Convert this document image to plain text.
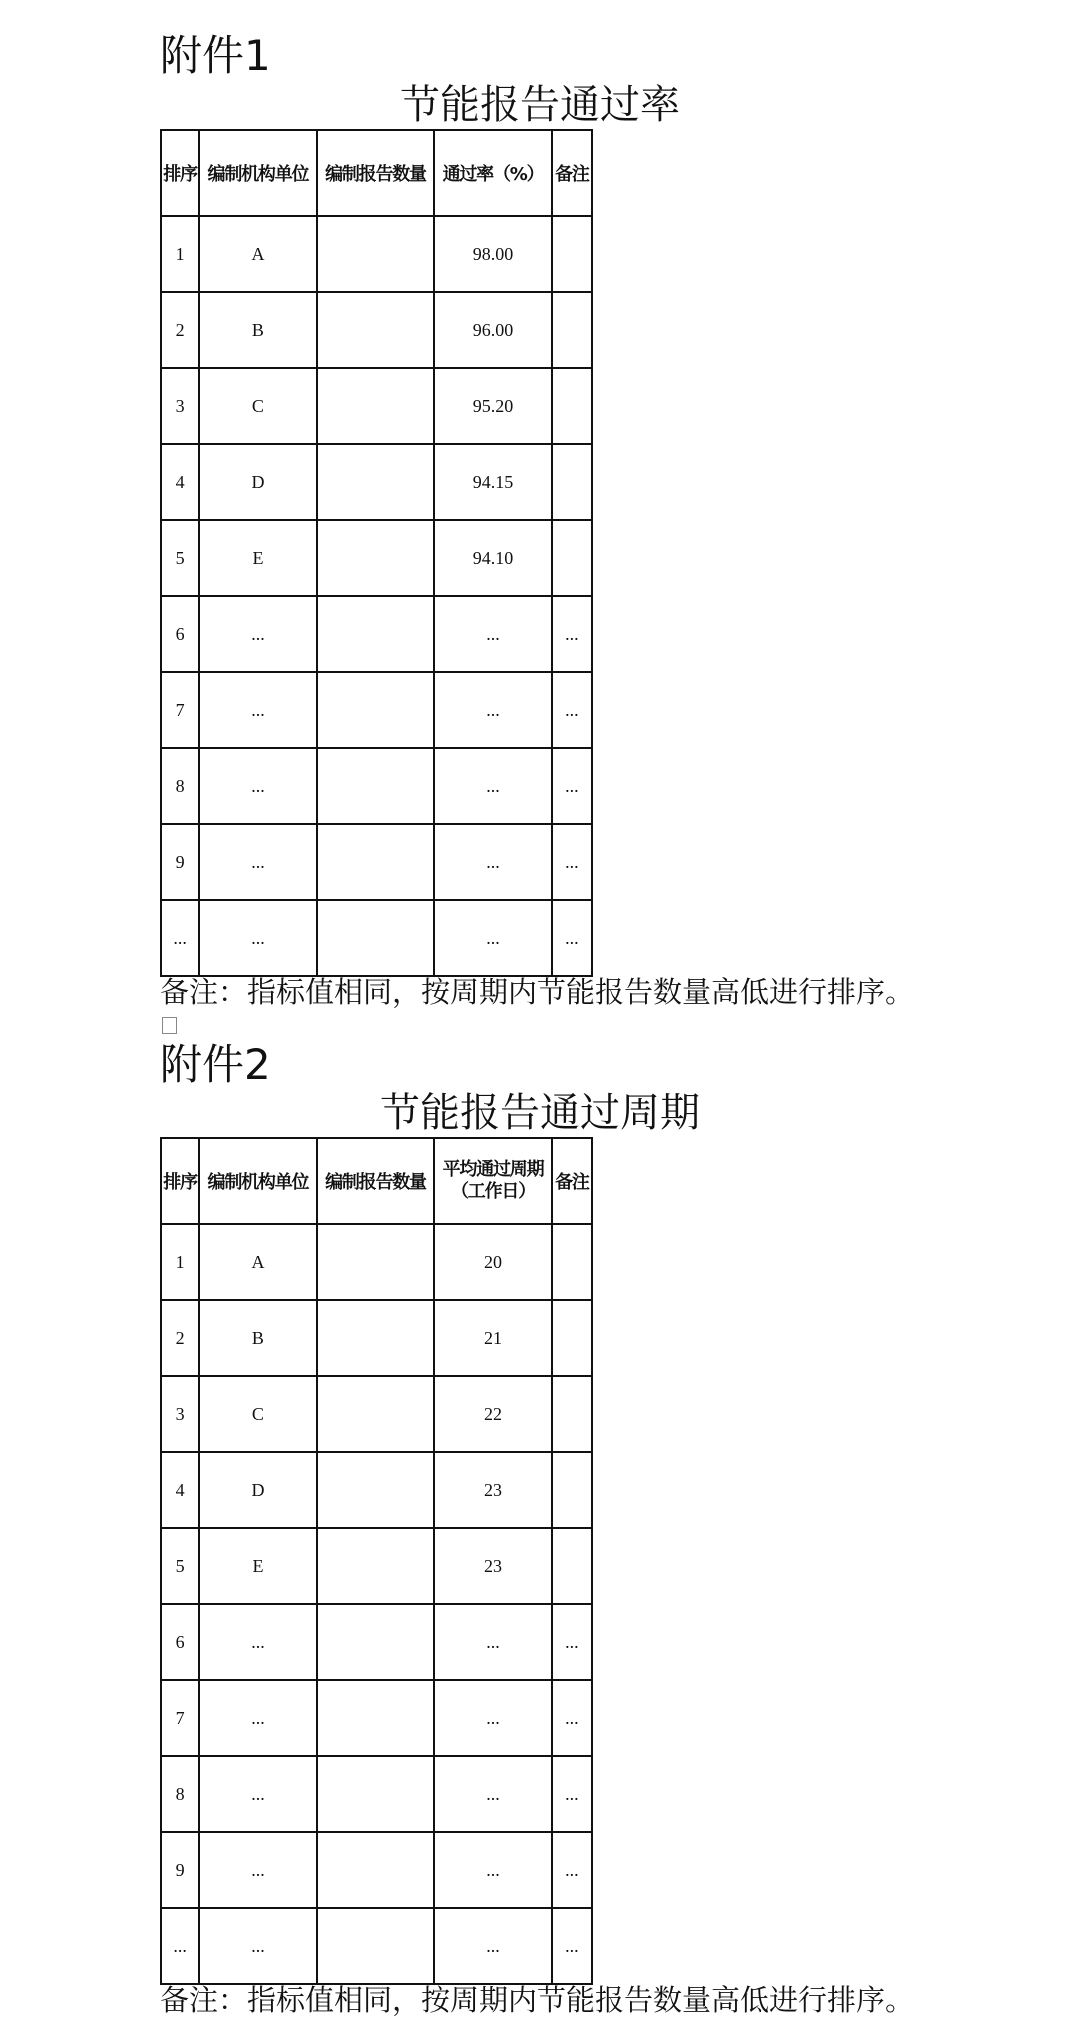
附件1
节能报告通过率
排序	编制机构单位	编制报告数量	通过率（%）	备注
1	A		98.00	
2	B		96.00	
3	C		95.20	
4	D		94.15	
5	E		94.10	
6	...		...	...
7	...		...	...
8	...		...	...
9	...		...	...
...	...		...	...

备注：指标值相同，按周期内节能报告数量高低进行排序。

附件2
节能报告通过周期
排序	编制机构单位	编制报告数量	平均通过周期（工作日）	备注
1	A		20	
2	B		21	
3	C		22	
4	D		23	
5	E		23	
6	...		...	...
7	...		...	...
8	...		...	...
9	...		...	...
...	...		...	...

备注：指标值相同，按周期内节能报告数量高低进行排序。
